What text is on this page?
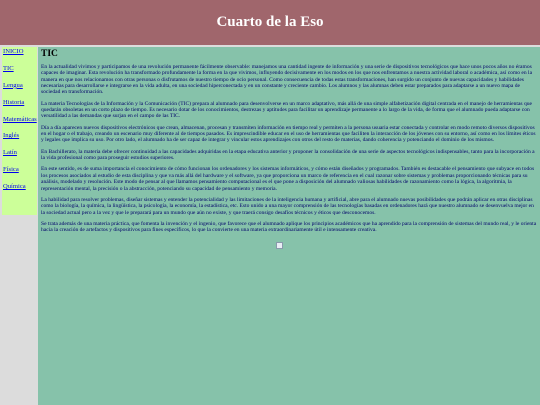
Cuarto de la Eso
INICIO
TIC
Lengua
Historia
Matemáticas
Inglés
Latín
Física
Química
TIC

En la actualidad vivimos y participamos de una revolución permanente fácilmente observable: manejamos una cantidad ingente de información y una serie de dispositivos tecnológicos que hace unos pocos años no éramos capaces de imaginar. Esta revolución ha transformado profundamente la forma en la que vivimos, influyendo decisivamente en los modos en los que nos enfrentamos a nuestra actividad laboral o académica, así como en la manera en que nos relacionamos con otras personas o disfrutamos de nuestro tiempo de ocio personal. Como consecuencia de todas estas transformaciones, han surgido un conjunto de nuevas capacidades y habilidades necesarias para desarrollarse e integrarse en la vida adulta, en una sociedad hiperconectada y en un constante y creciente cambio. Los alumnos y las alumnas deben estar preparados para adaptarse a un nuevo mapa de sociedad en transformación.

La materia Tecnologías de la Información y la Comunicación (TIC) prepara al alumnado para desenvolverse en un marco adaptativo, más allá de una simple alfabetización digital centrada en el manejo de herramientas que quedarán obsoletas en un corto plazo de tiempo. Es necesario dotar de los conocimientos, destrezas y aptitudes para facilitar un aprendizaje permanente a lo largo de la vida, de forma que el alumnado pueda adaptarse con versatilidad a las demandas que surjan en el campo de las TIC.

Día a día aparecen nuevos dispositivos electrónicos que crean, almacenan, procesan y transmiten información en tiempo real y permiten a la persona usuaria estar conectada y controlar en modo remoto diversos dispositivos en el hogar o el trabajo, creando un escenario muy diferente al de tiempos pasados. Es imprescindible educar en el uso de herramientas que faciliten la interacción de los jóvenes con su entorno, así como en los límites éticos y legales que implica su uso. Por otro lado, el alumnado ha de ser capaz de integrar y vincular estos aprendizajes con otros del resto de materias, dando coherencia y potenciando el dominio de los mismos.

En Bachillerato, la materia debe ofrecer continuidad a las capacidades adquiridas en la etapa educativa anterior y proponer la consolidación de una serie de aspectos tecnológicos indispensables, tanto para la incorporación a la vida profesional como para proseguir estudios superiores.

En este sentido, es de suma importancia el conocimiento de cómo funcionan los ordenadores y los sistemas informáticos, y cómo están diseñados y programados. También es destacable el pensamiento que subyace en todos los procesos asociados al estudio de esta disciplina y que va más allá del hardware y el software, ya que proporciona un marco de referencia en el cual razonar sobre sistemas y problemas proporcionando técnicas para su análisis, modelado y resolución. Este modo de pensar al que llamamos pensamiento computacional es el que pone a disposición del alumnado valiosas habilidades de razonamiento como la lógica, la algoritmia, la representación mental, la precisión o la abstracción, potenciando su capacidad de pensamiento y memoria.

La habilidad para resolver problemas, diseñar sistemas y entender la potencialidad y las limitaciones de la inteligencia humana y artificial, abre para el alumnado nuevas posibilidades que podrán aplicar en otras disciplinas como la biología, la química, la lingüística, la psicología, la economía, la estadística, etc. Esto unido a una mayor comprensión de las tecnologías basadas en ordenadores hará que nuestro alumnado se desenvuelva mejor en la sociedad actual pero a la vez y que le preparará para un mundo que aún no existe, y que traerá consigo desafíos técnicos y éticos que desconocemos.

Se trata además de una materia práctica, que fomenta la invención y el ingenio, que favorece que el alumnado aplique los principios académicos que ha aprendido para la comprensión de sistemas del mundo real, y le orienta hacia la creación de artefactos y dispositivos para fines específicos, lo que la convierte en una materia extraordinariamente útil e intensamente creativa.
